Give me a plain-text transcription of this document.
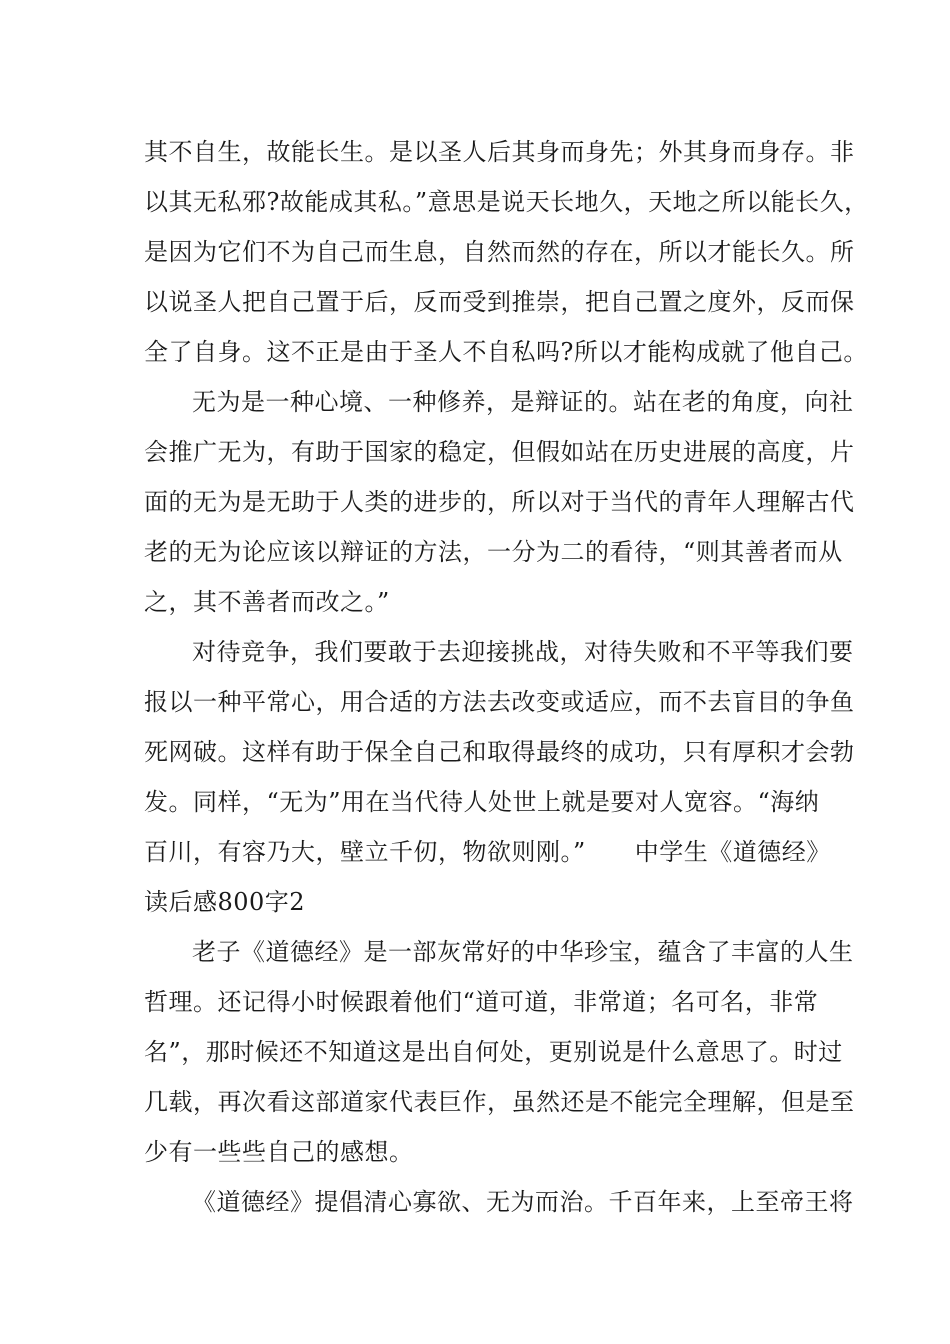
其不自生，故能长生。是以圣人后其身而身先；外其身而身存。非
以其无私邪?故能成其私。”意思是说天长地久，天地之所以能长久，
是因为它们不为自己而生息，自然而然的存在，所以才能长久。所
以说圣人把自己置于后，反而受到推崇，把自己置之度外，反而保
全了自身。这不正是由于圣人不自私吗?所以才能构成就了他自己。
无为是一种心境、一种修养，是辩证的。站在老的角度，向社
会推广无为，有助于国家的稳定，但假如站在历史进展的高度，片
面的无为是无助于人类的进步的，所以对于当代的青年人理解古代
老的无为论应该以辩证的方法，一分为二的看待，“则其善者而从
之，其不善者而改之。”
对待竞争，我们要敢于去迎接挑战，对待失败和不平等我们要
报以一种平常心，用合适的方法去改变或适应，而不去盲目的争鱼
死网破。这样有助于保全自己和取得最终的成功，只有厚积才会勃
发。同样，“无为”用在当代待人处世上就是要对人宽容。“海纳
百川，有容乃大，壁立千仞，物欲则刚。”　　中学生《道德经》
读后感800字2
老子《道德经》是一部灰常好的中华珍宝，蕴含了丰富的人生
哲理。还记得小时候跟着他们“道可道，非常道；名可名，非常
名”，那时候还不知道这是出自何处，更别说是什么意思了。时过
几载，再次看这部道家代表巨作，虽然还是不能完全理解，但是至
少有一些些自己的感想。
《道德经》提倡清心寡欲、无为而治。千百年来，上至帝王将
